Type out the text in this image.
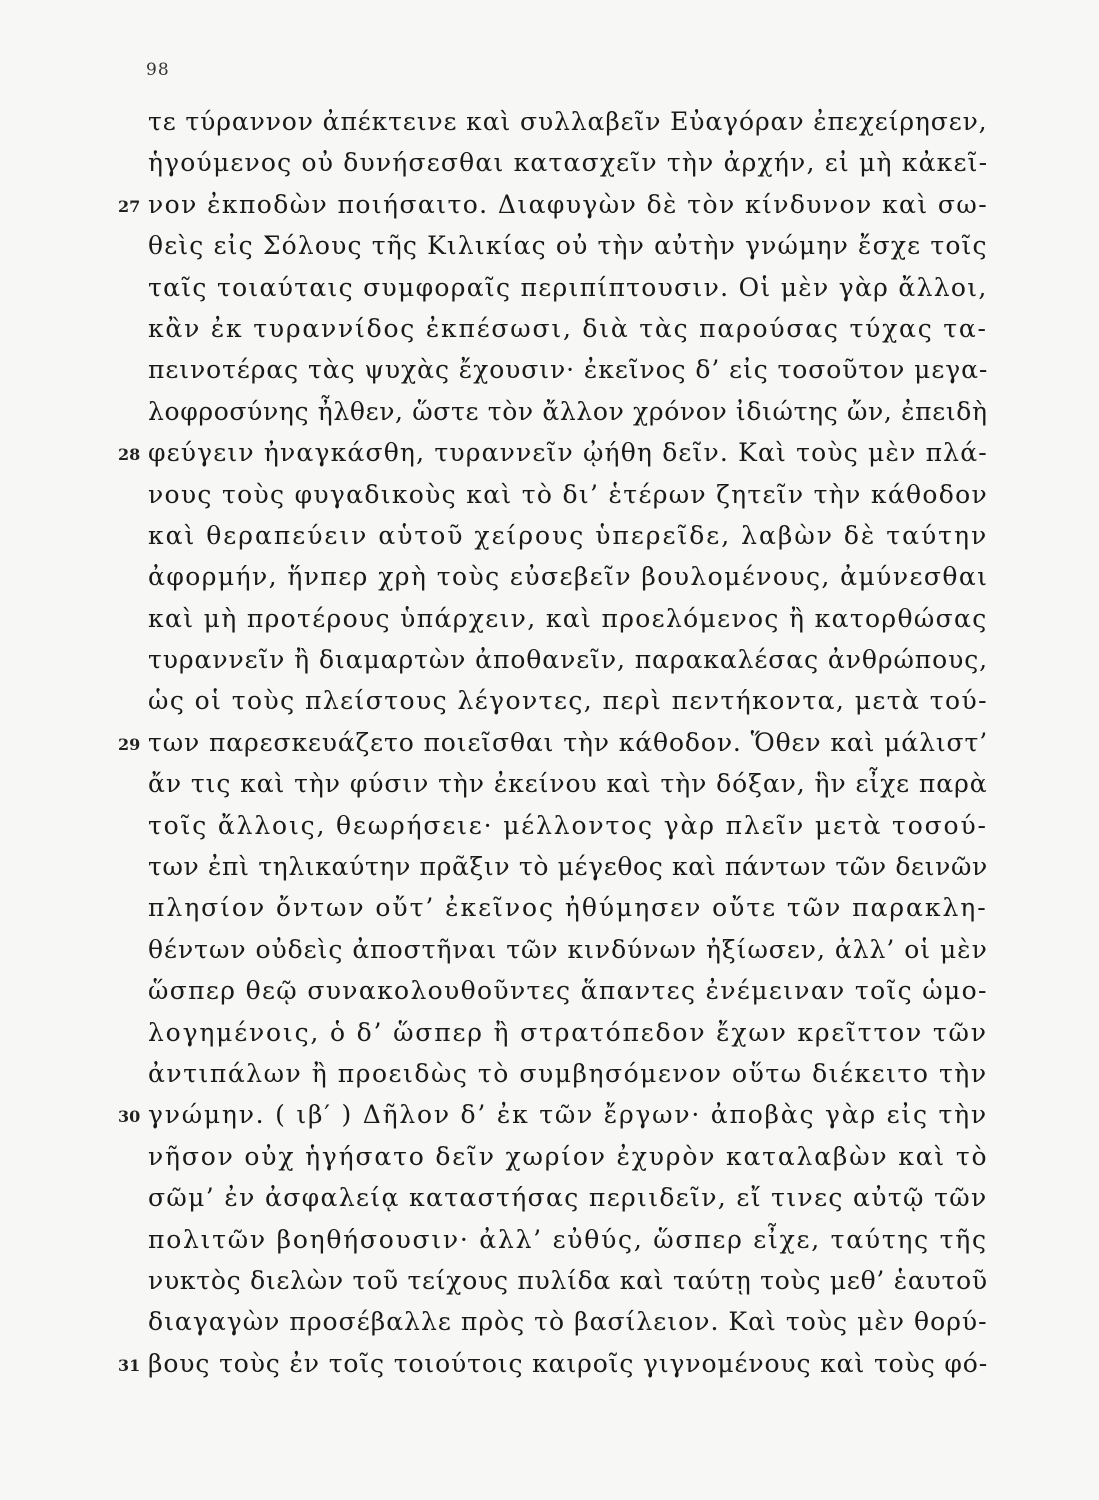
98
τε τύραννον ἀπέκτεινε καὶ συλλαβεῖν Εὐαγόραν ἐπεχείρησεν,
ἡγούμενος οὐ δυνήσεσθαι κατασχεῖν τὴν ἀρχήν, εἰ μὴ κἀκεῖ-
27 νον ἐκποδὼν ποιήσαιτο. Διαφυγὼν δὲ τὸν κίνδυνον καὶ σω-
θεὶς εἰς Σόλους τῆς Κιλικίας οὐ τὴν αὐτὴν γνώμην ἔσχε τοῖς
ταῖς τοιαύταις συμφοραῖς περιπίπτουσιν. Οἱ μὲν γὰρ ἄλλοι,
κἂν ἐκ τυραννίδος ἐκπέσωσι, διὰ τὰς παρούσας τύχας τα-
πεινοτέρας τὰς ψυχὰς ἔχουσιν· ἐκεῖνος δ’ εἰς τοσοῦτον μεγα-
λοφροσύνης ἦλθεν, ὥστε τὸν ἄλλον χρόνον ἰδιώτης ὤν, ἐπειδὴ
28 φεύγειν ἠναγκάσθη, τυραννεῖν ᾠήθη δεῖν. Καὶ τοὺς μὲν πλά-
νους τοὺς φυγαδικοὺς καὶ τὸ δι’ ἑτέρων ζητεῖν τὴν κάθοδον
καὶ θεραπεύειν αὑτοῦ χείρους ὑπερεῖδε, λαβὼν δὲ ταύτην
ἀφορμήν, ἥνπερ χρὴ τοὺς εὐσεβεῖν βουλομένους, ἀμύνεσθαι
καὶ μὴ προτέρους ὑπάρχειν, καὶ προελόμενος ἢ κατορθώσας
τυραννεῖν ἢ διαμαρτὼν ἀποθανεῖν, παρακαλέσας ἀνθρώπους,
ὡς οἱ τοὺς πλείστους λέγοντες, περὶ πεντήκοντα, μετὰ τού-
29 των παρεσκευάζετο ποιεῖσθαι τὴν κάθοδον. Ὅθεν καὶ μάλιστ’
ἄν τις καὶ τὴν φύσιν τὴν ἐκείνου καὶ τὴν δόξαν, ἣν εἶχε παρὰ
τοῖς ἄλλοις, θεωρήσειε· μέλλοντος γὰρ πλεῖν μετὰ τοσού-
των ἐπὶ τηλικαύτην πρᾶξιν τὸ μέγεθος καὶ πάντων τῶν δεινῶν
πλησίον ὄντων οὔτ’ ἐκεῖνος ἠθύμησεν οὔτε τῶν παρακλη-
θέντων οὐδεὶς ἀποστῆναι τῶν κινδύνων ἠξίωσεν, ἀλλ’ οἱ μὲν
ὥσπερ θεῷ συνακολουθοῦντες ἅπαντες ἐνέμειναν τοῖς ὡμο-
λογημένοις, ὁ δ’ ὥσπερ ἢ στρατόπεδον ἔχων κρεῖττον τῶν
ἀντιπάλων ἢ προειδὼς τὸ συμβησόμενον οὕτω διέκειτο τὴν
30 γνώμην. ( ιβ′ ) Δῆλον δ’ ἐκ τῶν ἔργων· ἀποβὰς γὰρ εἰς τὴν
νῆσον οὐχ ἡγήσατο δεῖν χωρίον ἐχυρὸν καταλαβὼν καὶ τὸ
σῶμ’ ἐν ἀσφαλείᾳ καταστήσας περιιδεῖν, εἴ τινες αὐτῷ τῶν
πολιτῶν βοηθήσουσιν· ἀλλ’ εὐθύς, ὥσπερ εἶχε, ταύτης τῆς
νυκτὸς διελὼν τοῦ τείχους πυλίδα καὶ ταύτῃ τοὺς μεθ’ ἑαυτοῦ
διαγαγὼν προσέβαλλε πρὸς τὸ βασίλειον. Καὶ τοὺς μὲν θορύ-
31 βους τοὺς ἐν τοῖς τοιούτοις καιροῖς γιγνομένους καὶ τοὺς φό-
